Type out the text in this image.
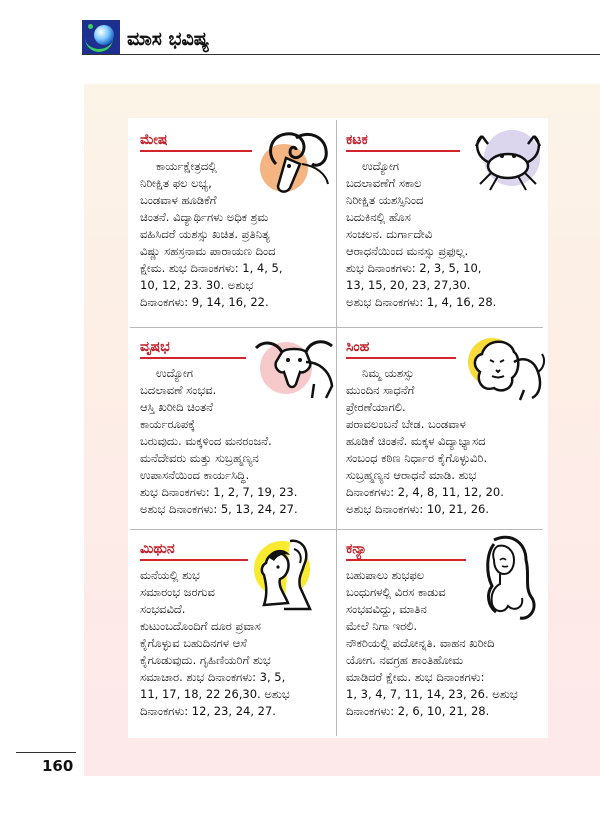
ಮಾಸ ಭವಿಷ್ಯ
ಮೇಷ

ಕಾರ್ಯಕ್ಷೇತ್ರದಲ್ಲಿ

ನಿರೀಕ್ಷಿತ ಫಲ ಲಭ್ಯ,

ಬಂಡವಾಳ ಹೂಡಿಕೆಗೆ

ಚಿಂತನೆ. ವಿದ್ಯಾರ್ಥಿಗಳು ಅಧಿಕ ಶ್ರಮ

ವಹಿಸಿದರೆ ಯಶಸ್ಸು ಖಚಿತ. ಪ್ರತಿನಿತ್ಯ

ವಿಷ್ಣು ಸಹಸ್ರನಾಮ ಪಾರಾಯಣ ದಿಂದ

ಕ್ಷೇಮ. ಶುಭ ದಿನಾಂಕಗಳು: 1, 4, 5,

10, 12, 23. 30. ಅಶುಭ

ದಿನಾಂಕಗಳು: 9, 14, 16, 22.

ಕಟಕ

ಉದ್ಯೋಗ

ಬದಲಾವಣೆಗೆ ಸಕಾಲ

ನಿರೀಕ್ಷಿತ ಯಶಸ್ಸಿನಿಂದ

ಬದುಕಿನಲ್ಲಿ ಹೊಸ

ಸಂಚಲನ. ದುರ್ಗಾದೇವಿ

ಆರಾಧನೆಯಿಂದ ಮನಸ್ಸು ಪ್ರಫುಲ್ಲ.

ಶುಭ ದಿನಾಂಕಗಳು: 2, 3, 5, 10,

13, 15, 20, 23, 27,30.

ಅಶುಭ ದಿನಾಂಕಗಳು: 1, 4, 16, 28.

ವೃಷಭ

ಉದ್ಯೋಗ

ಬದಲಾವಣೆ ಸಂಭವ.

ಆಸ್ತಿ ಖರೀದಿ ಚಿಂತನೆ

ಕಾರ್ಯರೂಪಕ್ಕೆ

ಬರುವುದು. ಮಕ್ಕಳಿಂದ ಮನರಂಜನೆ.

ಮನೆದೇವರು ಮತ್ತು ಸುಬ್ರಹ್ಮಣ್ಯನ

ಉಪಾಸನೆಯಿಂದ ಕಾರ್ಯಸಿದ್ಧಿ.

ಶುಭ ದಿನಾಂಕಗಳು: 1, 2, 7, 19, 23.

ಅಶುಭ ದಿನಾಂಕಗಳು: 5, 13, 24, 27.

ಸಿಂಹ

ನಿಮ್ಮ ಯಶಸ್ಸು

ಮುಂದಿನ ಸಾಧನೆಗೆ

ಪ್ರೇರಣೆಯಾಗಲಿ.

ಪರಾವಲಂಬನೆ ಬೇಡ. ಬಂಡವಾಳ

ಹೂಡಿಕೆ ಚಿಂತನೆ. ಮಕ್ಕಳ ವಿದ್ಯಾಭ್ಯಾಸದ

ಸಂಬಂಧ ಕಠಿಣ ನಿರ್ಧಾರ ಕೈಗೊಳ್ಳುವಿರಿ.

ಸುಬ್ರಹ್ಮಣ್ಯನ ಆರಾಧನೆ ಮಾಡಿ. ಶುಭ

ದಿನಾಂಕಗಳು: 2, 4, 8, 11, 12, 20.

ಅಶುಭ ದಿನಾಂಕಗಳು: 10, 21, 26.

ಮಿಥುನ

ಮನೆಯಲ್ಲಿ ಶುಭ

ಸಮಾರಂಭ ಜರಗುವ

ಸಂಭವವಿದೆ.

ಕುಟುಂಬದೊಂದಿಗೆ ದೂರ ಪ್ರವಾಸ

ಕೈಗೊಳ್ಳುವ ಬಹುದಿನಗಳ ಆಸೆ

ಕೈಗೂಡುವುದು. ಗೃಹಿಣಿಯರಿಗೆ ಶುಭ

ಸಮಾಚಾರ. ಶುಭ ದಿನಾಂಕಗಳು: 3, 5,

11, 17, 18, 22 26,30. ಅಶುಭ

ದಿನಾಂಕಗಳು: 12, 23, 24, 27.

ಕನ್ಯಾ

ಬಹುಪಾಲು ಶುಭಫಲ

ಬಂಧುಗಳಲ್ಲಿ ವಿರಸ ಕಾಡುವ

ಸಂಭವವಿದ್ದು, ಮಾತಿನ

ಮೇಲೆ ನಿಗಾ ಇರಲಿ.

ನೌಕರಿಯಲ್ಲಿ ಪದೋನ್ನತಿ. ವಾಹನ ಖರೀದಿ

ಯೋಗ. ನವಗ್ರಹ ಶಾಂತಿಹೋಮ

ಮಾಡಿದರೆ ಕ್ಷೇಮ. ಶುಭ ದಿನಾಂಕಗಳು:

1, 3, 4, 7, 11, 14, 23, 26. ಅಶುಭ

ದಿನಾಂಕಗಳು: 2, 6, 10, 21, 28.

160
